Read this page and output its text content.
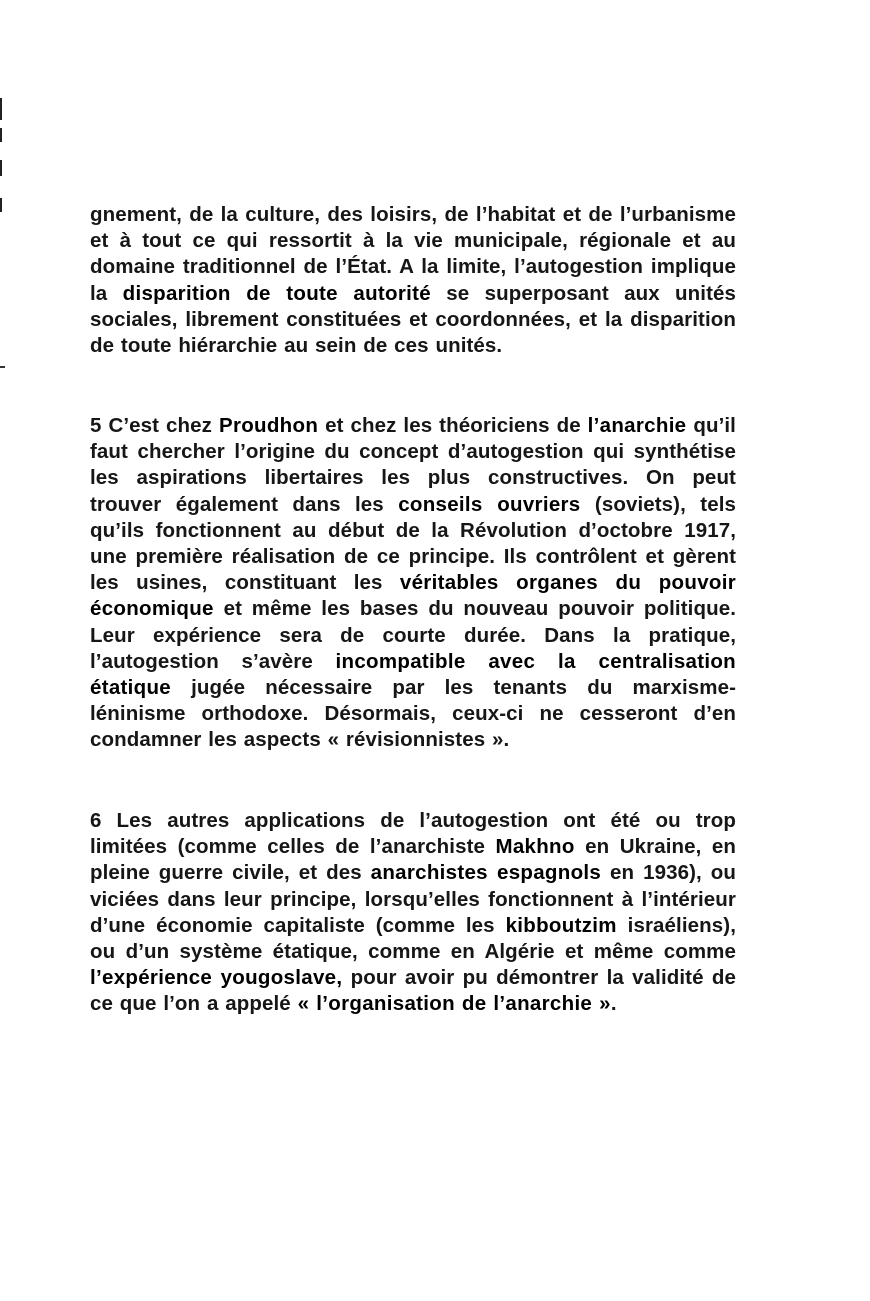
gnement, de la culture, des loisirs, de l’habitat et de l’urbanisme et à tout ce qui ressortit à la vie municipale, régionale et au domaine traditionnel de l’État. A la limite, l’autogestion implique la disparition de toute autorité se superposant aux unités sociales, librement constituées et coordonnées, et la disparition de toute hiérarchie au sein de ces unités.

5 C’est chez Proudhon et chez les théoriciens de l’anarchie qu’il faut chercher l’origine du concept d’autogestion qui synthétise les aspirations libertaires les plus constructives. On peut trouver également dans les conseils ouvriers (soviets), tels qu’ils fonctionnent au début de la Révolution d’octobre 1917, une première réalisation de ce principe. Ils contrôlent et gèrent les usines, constituant les véritables organes du pouvoir économique et même les bases du nouveau pouvoir politique. Leur expérience sera de courte durée. Dans la pratique, l’autogestion s’avère incompatible avec la centralisation étatique jugée nécessaire par les tenants du marxisme-léninisme orthodoxe. Désormais, ceux-ci ne cesseront d’en condamner les aspects « révisionnistes ».

6 Les autres applications de l’autogestion ont été ou trop limitées (comme celles de l’anarchiste Makhno en Ukraine, en pleine guerre civile, et des anarchistes espagnols en 1936), ou viciées dans leur principe, lorsqu’elles fonctionnent à l’intérieur d’une économie capitaliste (comme les kibboutzim israéliens), ou d’un système étatique, comme en Algérie et même comme l’expérience yougoslave, pour avoir pu démontrer la validité de ce que l’on a appelé « l’organisation de l’anarchie ».
